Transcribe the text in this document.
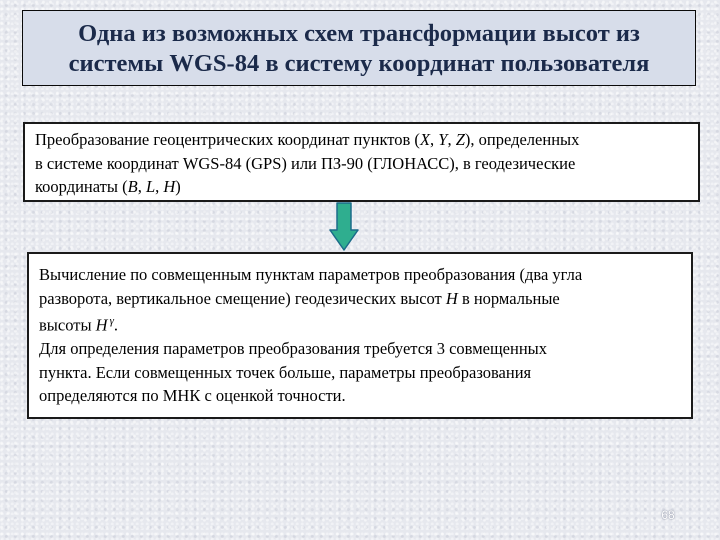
Одна из возможных схем трансформации высот из
системы WGS-84 в систему координат пользователя
Преобразование геоцентрических координат пунктов (X, Y, Z), определенных
в системе координат WGS-84 (GPS) или ПЗ-90 (ГЛОНАСС), в геодезические
координаты (B, L, H)
Вычисление по совмещенным пунктам параметров преобразования (два угла
разворота, вертикальное смещение) геодезических высот H в нормальные
высоты H $^\gamma$.
Для определения параметров преобразования требуется 3 совмещенных
пункта. Если совмещенных точек больше, параметры преобразования
определяются по МНК с оценкой точности.
68
